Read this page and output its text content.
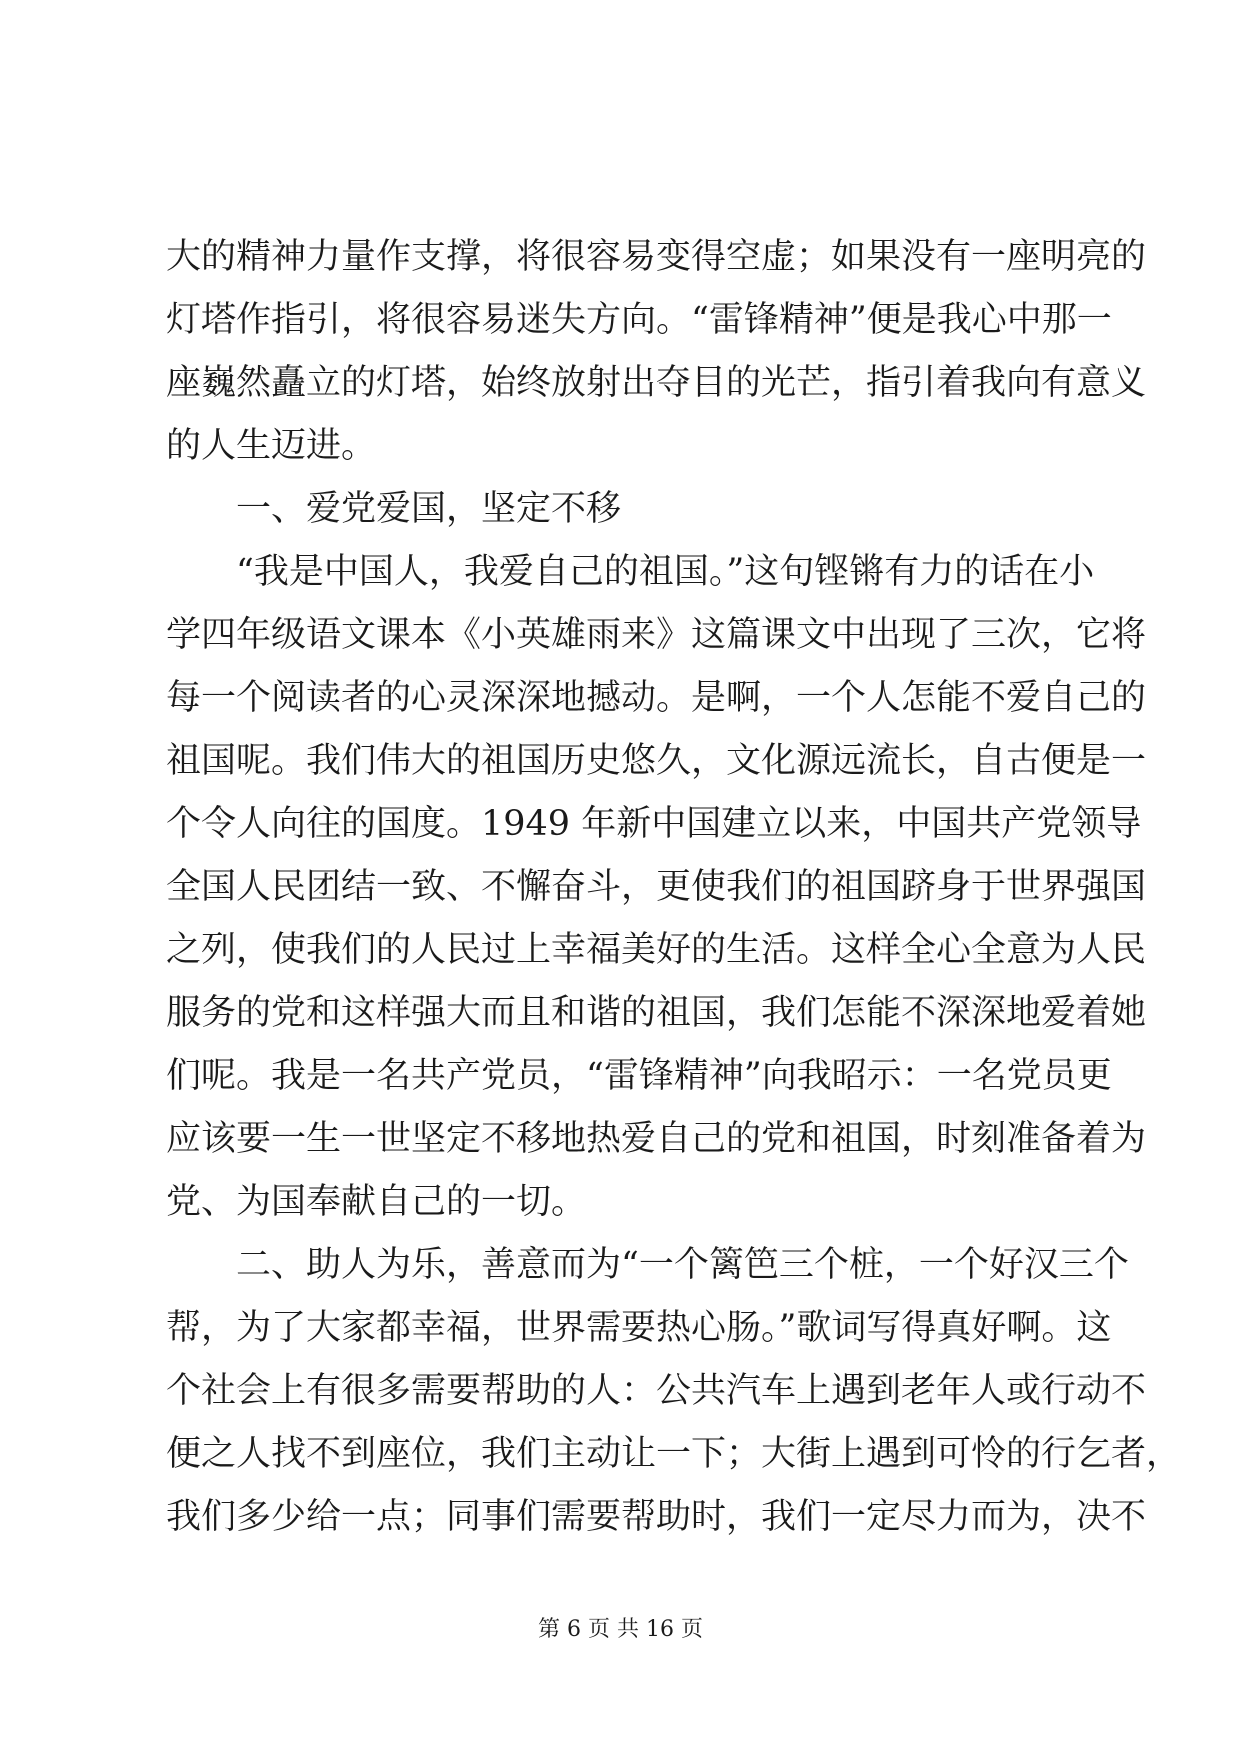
大的精神力量作支撑，将很容易变得空虚；如果没有一座明亮的
灯塔作指引，将很容易迷失方向。“雷锋精神”便是我心中那一
座巍然矗立的灯塔，始终放射出夺目的光芒，指引着我向有意义
的人生迈进。
一、爱党爱国，坚定不移
“我是中国人，我爱自己的祖国。”这句铿锵有力的话在小
学四年级语文课本《小英雄雨来》这篇课文中出现了三次，它将
每一个阅读者的心灵深深地撼动。是啊，一个人怎能不爱自己的
祖国呢。我们伟大的祖国历史悠久，文化源远流长，自古便是一
个令人向往的国度。1949 年新中国建立以来，中国共产党领导
全国人民团结一致、不懈奋斗，更使我们的祖国跻身于世界强国
之列，使我们的人民过上幸福美好的生活。这样全心全意为人民
服务的党和这样强大而且和谐的祖国，我们怎能不深深地爱着她
们呢。我是一名共产党员，“雷锋精神”向我昭示：一名党员更
应该要一生一世坚定不移地热爱自己的党和祖国，时刻准备着为
党、为国奉献自己的一切。
二、助人为乐，善意而为“一个篱笆三个桩，一个好汉三个
帮，为了大家都幸福，世界需要热心肠。”歌词写得真好啊。这
个社会上有很多需要帮助的人：公共汽车上遇到老年人或行动不
便之人找不到座位，我们主动让一下；大街上遇到可怜的行乞者，
我们多少给一点；同事们需要帮助时，我们一定尽力而为，决不
第 6 页 共 16 页
